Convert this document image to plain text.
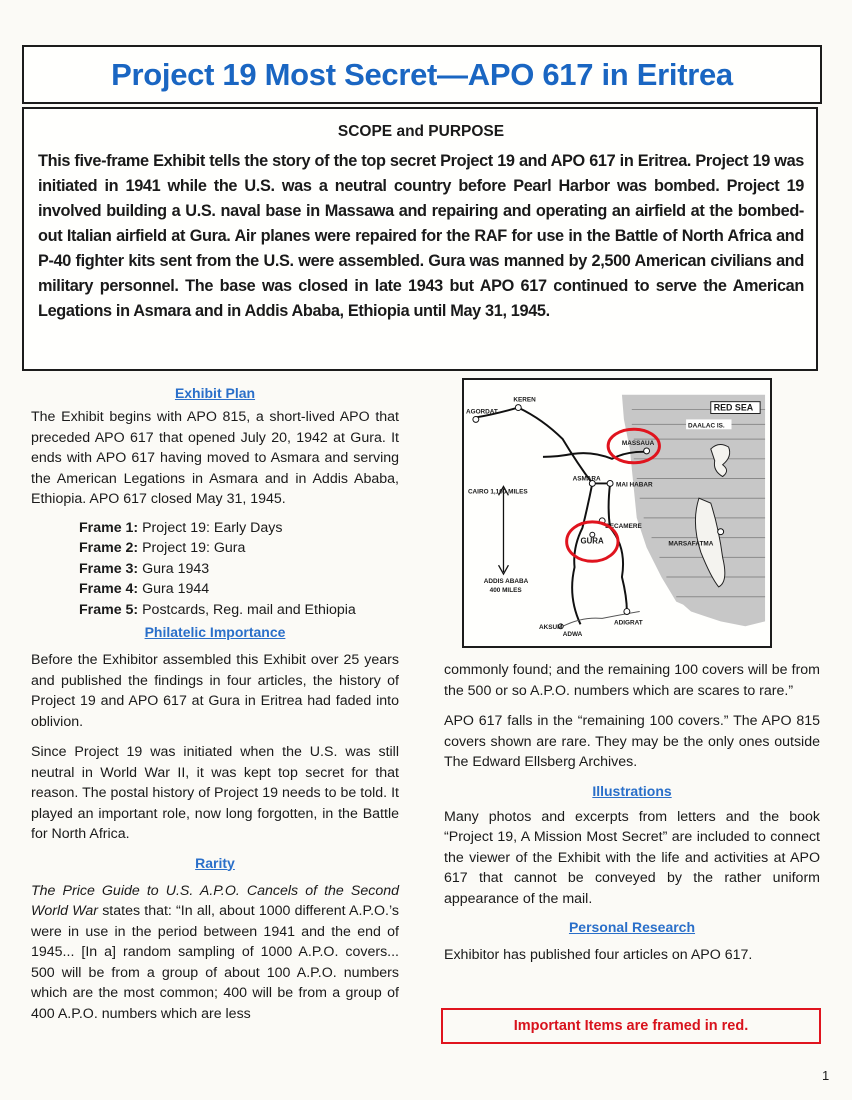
Project 19 Most Secret—APO 617 in Eritrea
SCOPE and PURPOSE

This five-frame Exhibit tells the story of the top secret Project 19 and APO 617 in Eritrea. Project 19 was initiated in 1941 while the U.S. was a neutral country before Pearl Harbor was bombed. Project 19 involved building a U.S. naval base in Massawa and repairing and operating an airfield at the bombed-out Italian airfield at Gura. Air planes were repaired for the RAF for use in the Battle of North Africa and P-40 fighter kits sent from the U.S. were assembled. Gura was manned by 2,500 American civilians and military personnel. The base was closed in late 1943 but APO 617 continued to serve the American Legations in Asmara and in Addis Ababa, Ethiopia until May 31, 1945.

Exhibit Plan

The Exhibit begins with APO 815, a short-lived APO that preceded APO 617 that opened July 20, 1942 at Gura. It ends with APO 617 having moved to Asmara and serving the American Legations in Asmara and in Addis Ababa, Ethiopia. APO 617 closed May 31, 1945.

Frame 1: Project 19: Early Days
Frame 2: Project 19: Gura
Frame 3: Gura 1943
Frame 4: Gura 1944
Frame 5: Postcards, Reg. mail and Ethiopia
Philatelic Importance

Before the Exhibitor assembled this Exhibit over 25 years and published the findings in four articles, the history of Project 19 and APO 617 at Gura in Eritrea had faded into oblivion.

Since Project 19 was initiated when the U.S. was still neutral in World War II, it was kept top secret for that reason. The postal history of Project 19 needs to be told. It played an important role, now long forgotten, in the Battle for North Africa.

Rarity

The Price Guide to U.S. A.P.O. Cancels of the Second World War states that: “In all, about 1000 different A.P.O.’s were in use in the period between 1941 and the end of 1945... [In a] random sampling of 1000 A.P.O. covers... 500 will be from a group of about 100 A.P.O. numbers which are the most common; 400 will be from a group of 400 A.P.O. numbers which are less

RED SEA
DAALAC IS.
AGORDAT
KEREN
MASSAUA
ASMARA
MAI HABAR
CAIRO 1,100 MILES
DECAMERE
GURA	MARSAFATMA
ADDIS ABABA
400 MILES
ADIGRAT
AKSUM
ADWA

commonly found; and the remaining 100 covers will be from the 500 or so A.P.O. numbers which are scares to rare.”

APO 617 falls in the “remaining 100 covers.” The APO 815 covers shown are rare. They may be the only ones outside The Edward Ellsberg Archives.

Illustrations

Many photos and excerpts from letters and the book “Project 19, A Mission Most Secret” are included to connect the viewer of the Exhibit with the life and activities at APO 617 that cannot be conveyed by the rather uniform appearance of the mail.

Personal Research

Exhibitor has published four articles on APO 617.

Important Items are framed in red.
1
